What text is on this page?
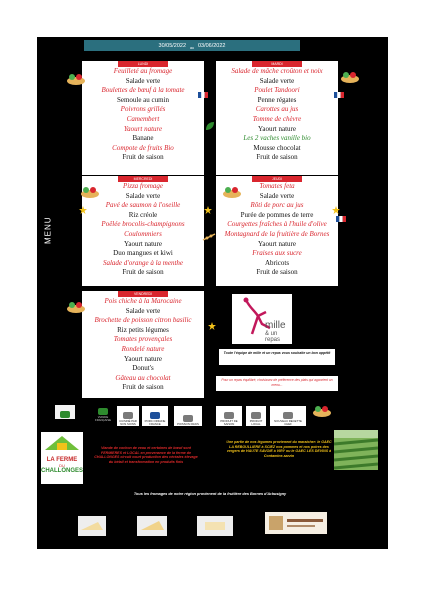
30/05/2022 au 03/06/2022
MENU
LUNDI
Feuilleté au fromage
Salade verte
Boulettes de bœuf à la tomate
Semoule au cumin
Poivrons grillés
Camembert
Yaourt nature
Banane
Compote de fruits Bio
Fruit de saison
MARDI
Salade de mâche croûton et noix
Salade verte
Poulet Tandoori
Penne régates
Carottes au jus
Tomme de chèvre
Yaourt nature
Les 2 vaches vanille bio
Mousse chocolat
Fruit de saison
MERCREDI
Pizza fromage
Salade verte
Pavé de saumon à l'oseille
Riz créole
Poêlée brocolis-champignons
Coulommiers
Yaourt nature
Duo mangues et kiwi
Salade d'orange à la menthe
Fruit de saison
JEUDI
Tomates feta
Salade verte
Rôti de porc au jus
Purée de pommes de terre
Courgettes fraîches à l'huile d'olive
Montagnard de la fruitière de Bornes
Yaourt nature
Fraises aux sucre
Abricots
Fruit de saison
VENDREDI
Pois chiche à la Marocaine
Salade verte
Brochette de poisson citron basilic
Riz petits légumes
Tomates provençales
Rondelé nature
Yaourt nature
Donut's
Gâteau au chocolat
Fruit de saison
mille
& un repas
Toute l'équipe de mille et un repas vous souhaite un bon appétit
Pour un repas équilibré, choisissez de préférence des plats qui apportent un menu...
VIANDE FRANÇAISE	CUISINÉ PAR NOS SOINS
PORC ORIGINE FRANCE	POISSON FRAIS
PRODUIT DE SAISON
PRODUIT LOCAL
NOUVEAU RECETTE CHEF
LA FERME
DU
CHALLONGES
Viande de cochon de veau et certaines de bœuf sont FERMIERES et LOCAL en provenance de la ferme de CHALLONGES circuit court production des céréales élevage du bétail et transformation en produits finis
Une partie de nos légumes provienent du maraicher: le GAEC LA REBOULLIERE à SCIEZ nos pommes et nos poires des vergers de HAUTE SAVOIE à VIRY ou le GAEC LES DEVINS à Contamine-sarzin
Tous les fromages de notre région provienent de la fruitière des Bornes d'Arbusigny
